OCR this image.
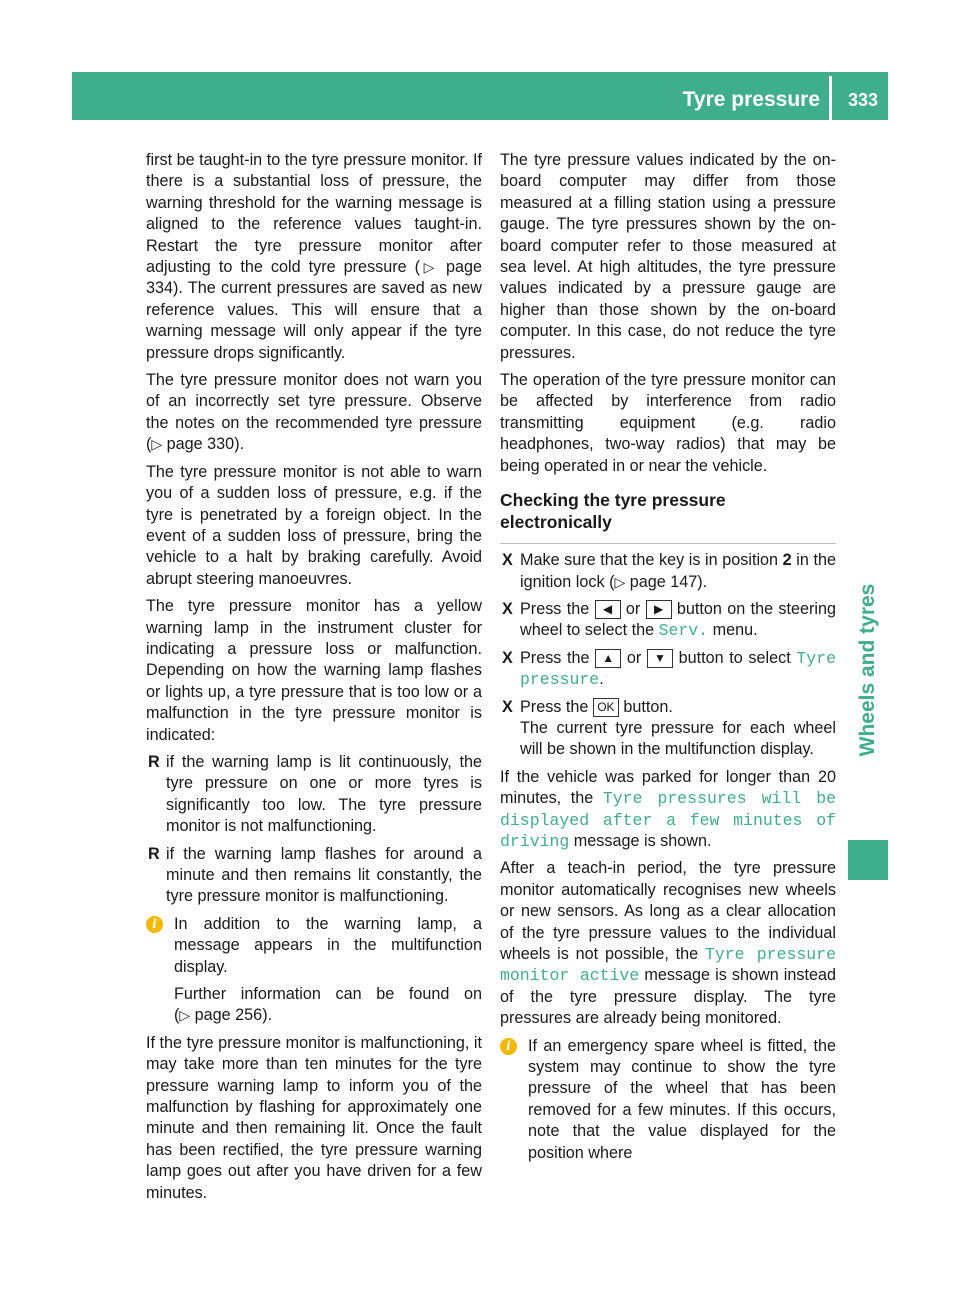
Tyre pressure 333
Wheels and tyres

first be taught-in to the tyre pressure monitor. If there is a substantial loss of pressure, the warning threshold for the warning message is aligned to the reference values taught-in. Restart the tyre pressure monitor after adjusting to the cold tyre pressure (▷ page 334). The current pressures are saved as new reference values. This will ensure that a warning message will only appear if the tyre pressure drops significantly.

The tyre pressure monitor does not warn you of an incorrectly set tyre pressure. Observe the notes on the recommended tyre pressure (▷ page 330).

The tyre pressure monitor is not able to warn you of a sudden loss of pressure, e.g. if the tyre is penetrated by a foreign object. In the event of a sudden loss of pressure, bring the vehicle to a halt by braking carefully. Avoid abrupt steering manoeuvres.

The tyre pressure monitor has a yellow warning lamp in the instrument cluster for indicating a pressure loss or malfunction. Depending on how the warning lamp flashes or lights up, a tyre pressure that is too low or a malfunction in the tyre pressure monitor is indicated:

R if the warning lamp is lit continuously, the tyre pressure on one or more tyres is significantly too low. The tyre pressure monitor is not malfunctioning.
R if the warning lamp flashes for around a minute and then remains lit constantly, the tyre pressure monitor is malfunctioning.
i	In addition to the warning lamp, a message appears in the multifunction display.

Further information can be found on (▷ page 256).

If the tyre pressure monitor is malfunctioning, it may take more than ten minutes for the tyre pressure warning lamp to inform you of the malfunction by flashing for approximately one minute and then remaining lit. Once the fault has been rectified, the tyre pressure warning lamp goes out after you have driven for a few minutes.

The tyre pressure values indicated by the on-board computer may differ from those measured at a filling station using a pressure gauge. The tyre pressures shown by the on-board computer refer to those measured at sea level. At high altitudes, the tyre pressure values indicated by a pressure gauge are higher than those shown by the on-board computer. In this case, do not reduce the tyre pressures.

The operation of the tyre pressure monitor can be affected by interference from radio transmitting equipment (e.g. radio headphones, two-way radios) that may be being operated in or near the vehicle.

Checking the tyre pressure electronically
X Make sure that the key is in position 2 in the ignition lock (▷ page 147).
X Press the ◀ or ▶ button on the steering wheel to select the Serv. menu.
X Press the ▲ or ▼ button to select Tyre pressure.
X Press the OK button.
The current tyre pressure for each wheel will be shown in the multifunction display.

If the vehicle was parked for longer than 20 minutes, the Tyre pressures will be displayed after a few minutes of driving message is shown.

After a teach-in period, the tyre pressure monitor automatically recognises new wheels or new sensors. As long as a clear allocation of the tyre pressure values to the individual wheels is not possible, the Tyre pressure monitor active message is shown instead of the tyre pressure display. The tyre pressures are already being monitored.

i	If an emergency spare wheel is fitted, the system may continue to show the tyre pressure of the wheel that has been removed for a few minutes. If this occurs, note that the value displayed for the position where
